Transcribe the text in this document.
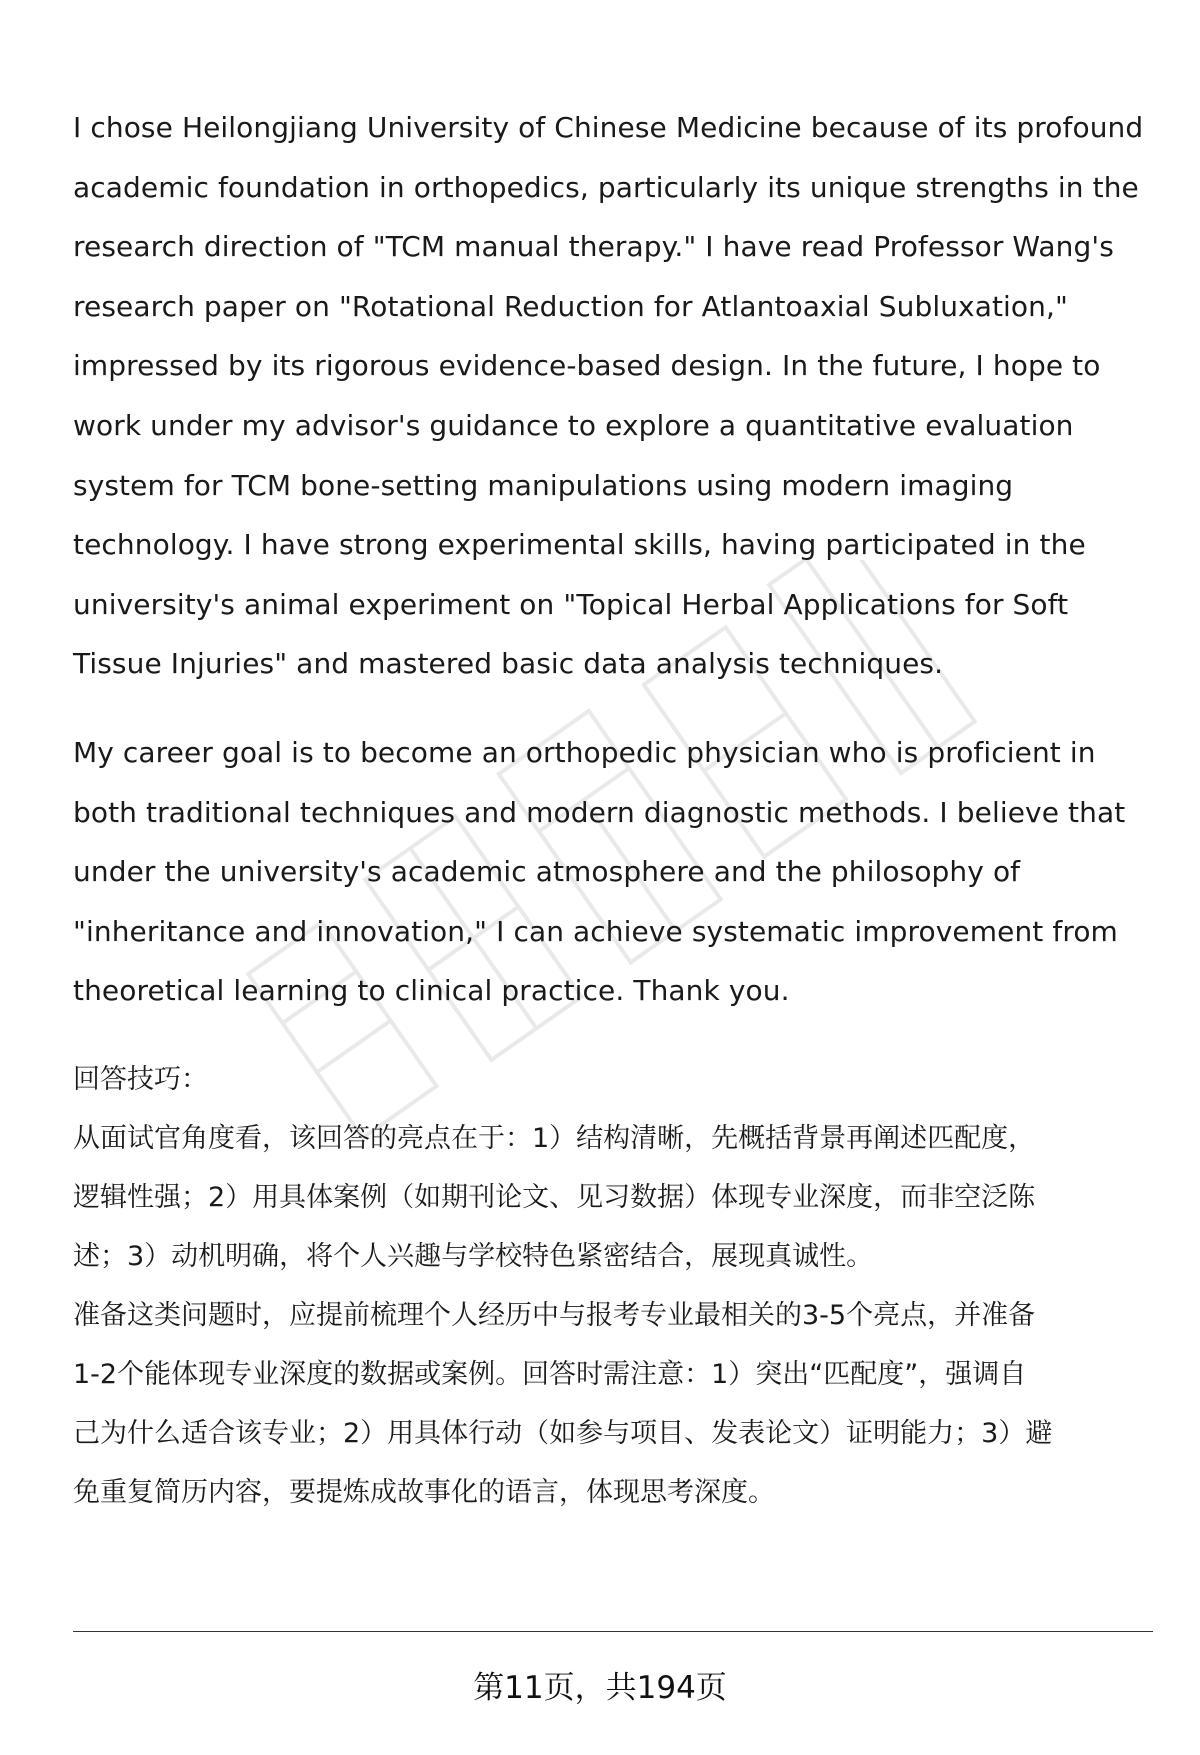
I chose Heilongjiang University of Chinese Medicine because of its profound academic foundation in orthopedics, particularly its unique strengths in the research direction of "TCM manual therapy." I have read Professor Wang's research paper on "Rotational Reduction for Atlantoaxial Subluxation," impressed by its rigorous evidence-based design. In the future, I hope to work under my advisor's guidance to explore a quantitative evaluation system for TCM bone-setting manipulations using modern imaging technology. I have strong experimental skills, having participated in the university's animal experiment on "Topical Herbal Applications for Soft Tissue Injuries" and mastered basic data analysis techniques.

My career goal is to become an orthopedic physician who is proficient in both traditional techniques and modern diagnostic methods. I believe that under the university's academic atmosphere and the philosophy of "inheritance and innovation," I can achieve systematic improvement from theoretical learning to clinical practice. Thank you.

回答技巧：

从面试官角度看，该回答的亮点在于：1）结构清晰，先概括背景再阐述匹配度，

逻辑性强；2）用具体案例（如期刊论文、见习数据）体现专业深度，而非空泛陈

述；3）动机明确，将个人兴趣与学校特色紧密结合，展现真诚性。

准备这类问题时，应提前梳理个人经历中与报考专业最相关的3-5个亮点，并准备

1-2个能体现专业深度的数据或案例。回答时需注意：1）突出“匹配度”，强调自

己为什么适合该专业；2）用具体行动（如参与项目、发表论文）证明能力；3）避

免重复简历内容，要提炼成故事化的语言，体现思考深度。

第11页，共194页
